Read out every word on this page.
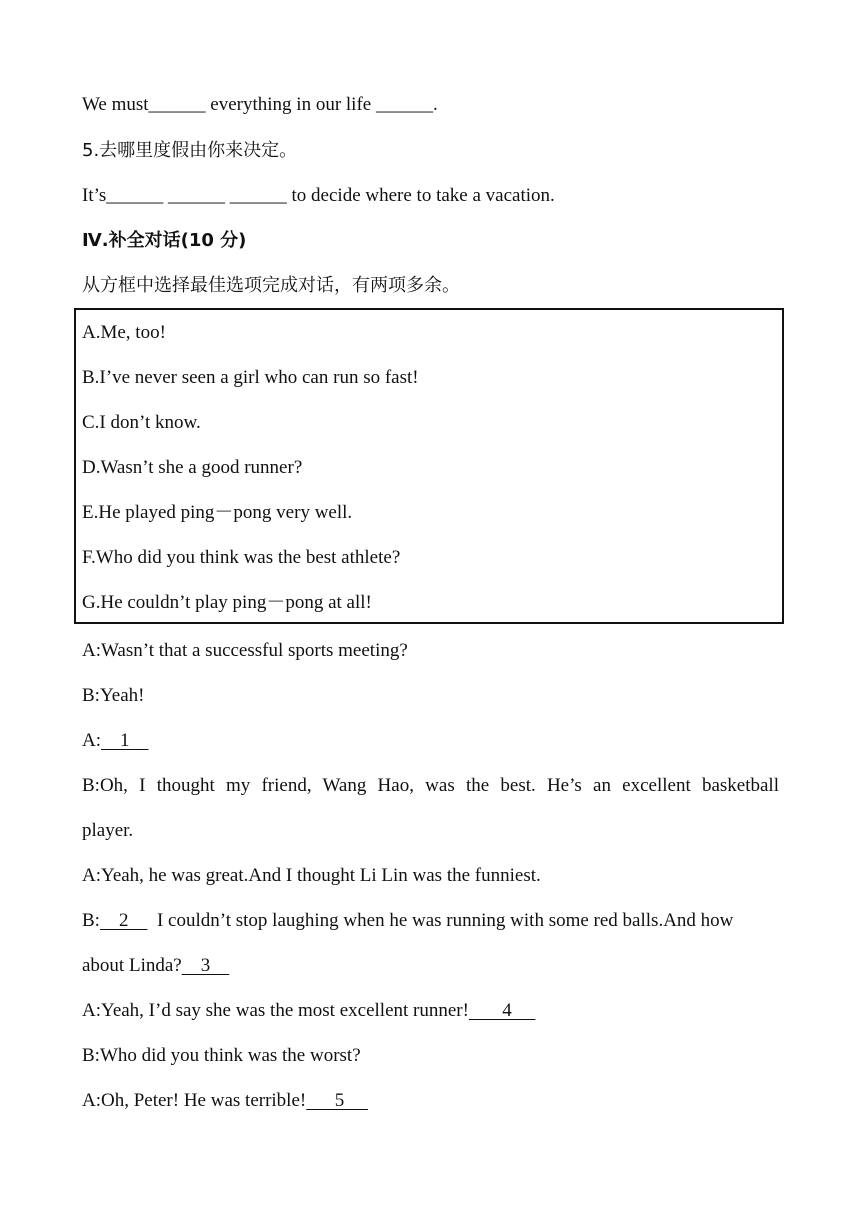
We must______ everything in our life ______.
5.去哪里度假由你来决定。
It’s______ ______ ______ to decide where to take a vacation.
Ⅳ.补全对话(10 分)
从方框中选择最佳选项完成对话，有两项多余。
A.Me, too!
B.I’ve never seen a girl who can run so fast!
C.I don’t know.
D.Wasn’t she a good runner?
E.He played ping－pong very well.
F.Who did you think was the best athlete?
G.He couldn’t play ping－pong at all!
A:Wasn’t that a successful sports meeting?
B:Yeah!
A:    1
B:Oh, I thought my friend, Wang Hao, was the best. He’s an excellent basketball
player.
A:Yeah, he was great.And I thought Li Lin was the funniest.
B:    2      I couldn’t stop laughing when he was running with some red balls.And how
about Linda?    3
A:Yeah, I’d say she was the most excellent runner!       4
B:Who did you think was the worst?
A:Oh, Peter! He was terrible!      5
